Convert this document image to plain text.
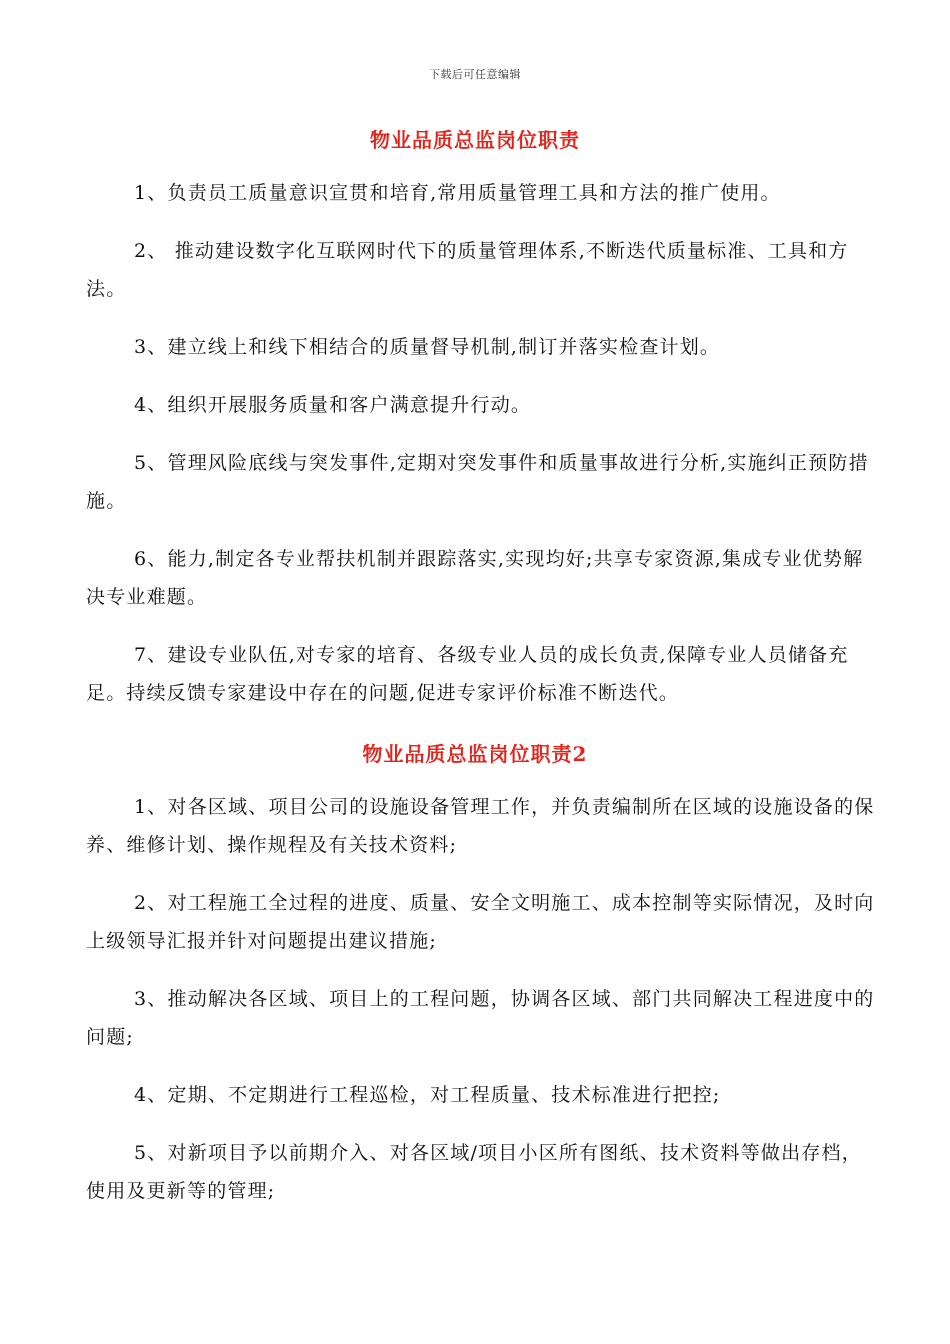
下载后可任意编辑
物业品质总监岗位职责
1、负责员工质量意识宣贯和培育,常用质量管理工具和方法的推广使用。
2、 推动建设数字化互联网时代下的质量管理体系,不断迭代质量标准、工具和方法。
3、建立线上和线下相结合的质量督导机制,制订并落实检查计划。
4、组织开展服务质量和客户满意提升行动。
5、管理风险底线与突发事件,定期对突发事件和质量事故进行分析,实施纠正预防措施。
6、能力,制定各专业帮扶机制并跟踪落实,实现均好;共享专家资源,集成专业优势解决专业难题。
7、建设专业队伍,对专家的培育、各级专业人员的成长负责,保障专业人员储备充足。持续反馈专家建设中存在的问题,促进专家评价标准不断迭代。
物业品质总监岗位职责2
1、对各区域、项目公司的设施设备管理工作，并负责编制所在区域的设施设备的保养、维修计划、操作规程及有关技术资料;
2、对工程施工全过程的进度、质量、安全文明施工、成本控制等实际情况，及时向上级领导汇报并针对问题提出建议措施;
3、推动解决各区域、项目上的工程问题，协调各区域、部门共同解决工程进度中的问题;
4、定期、不定期进行工程巡检，对工程质量、技术标准进行把控;
5、对新项目予以前期介入、对各区域/项目小区所有图纸、技术资料等做出存档，使用及更新等的管理;
